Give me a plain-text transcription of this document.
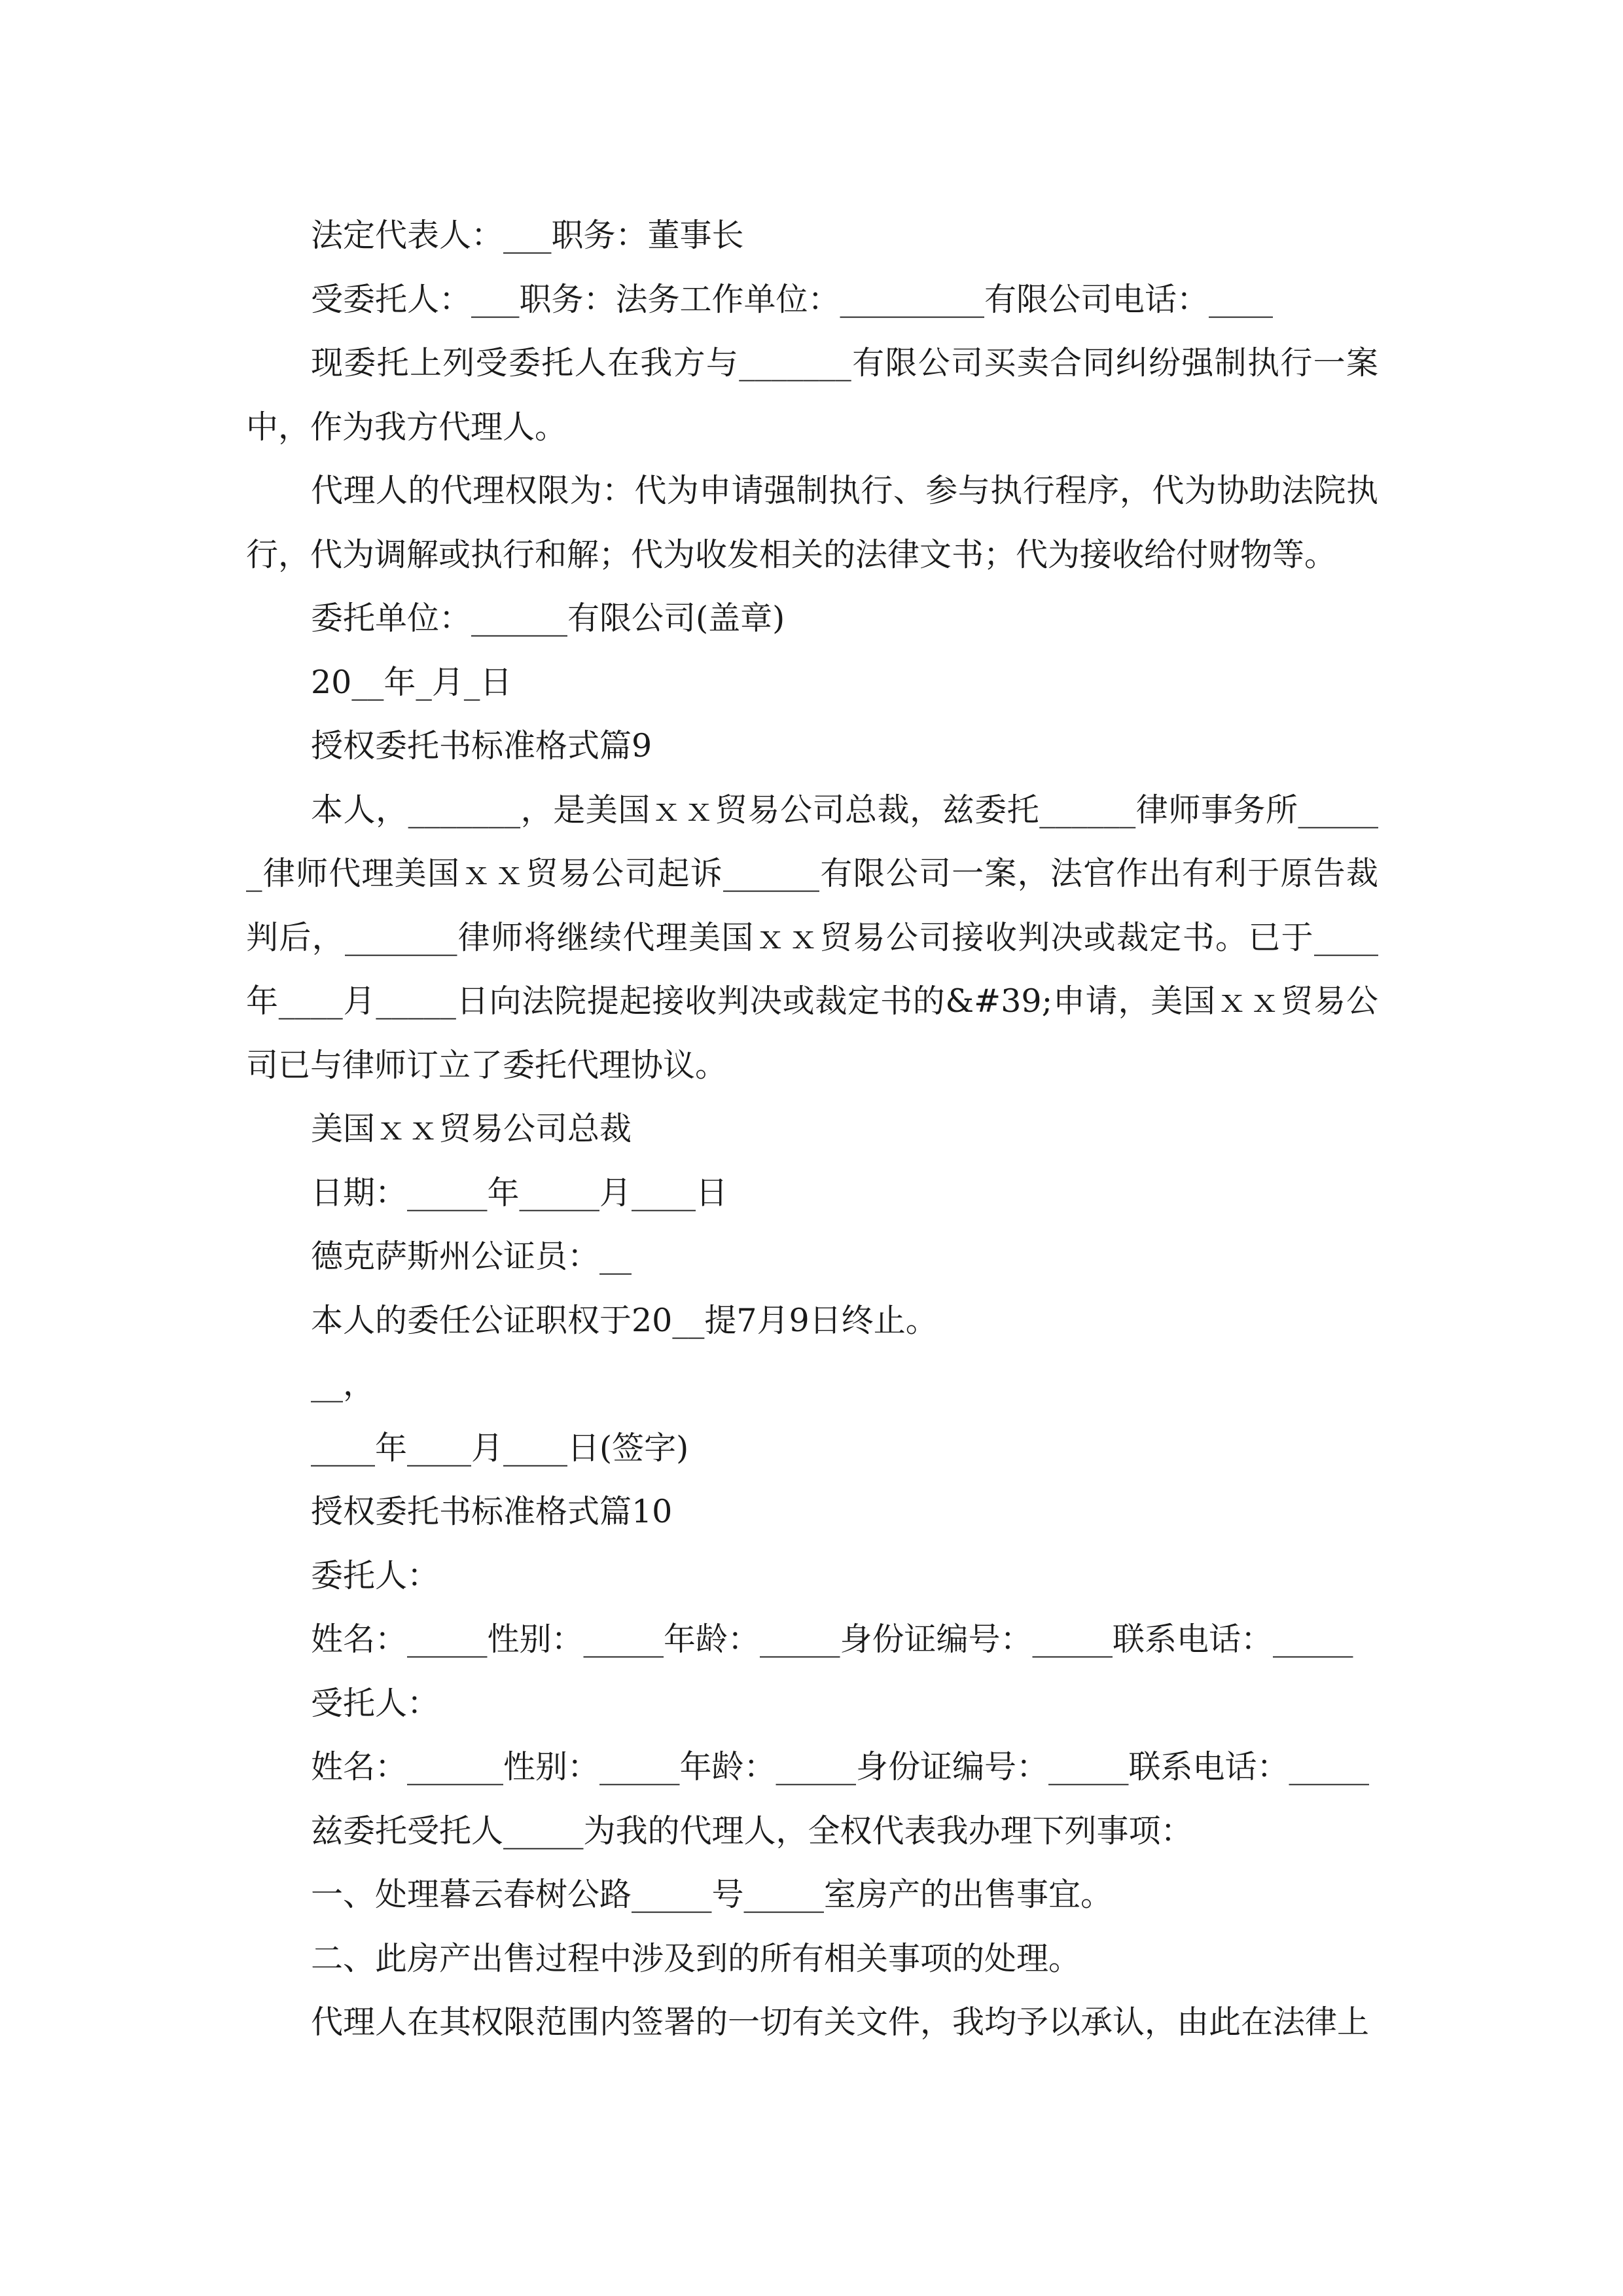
法定代表人：___职务：董事长

受委托人：___职务：法务工作单位：_________有限公司电话：____

现委托上列受委托人在我方与_______有限公司买卖合同纠纷强制执行一案中，作为我方代理人。

代理人的代理权限为：代为申请强制执行、参与执行程序，代为协助法院执行，代为调解或执行和解；代为收发相关的法律文书；代为接收给付财物等。

委托单位：______有限公司(盖章)

20__年_月_日

授权委托书标准格式篇9

本人，_______，是美国ｘｘ贸易公司总裁，兹委托______律师事务所______律师代理美国ｘｘ贸易公司起诉______有限公司一案，法官作出有利于原告裁判后，_______律师将继续代理美国ｘｘ贸易公司接收判决或裁定书。已于____年____月_____日向法院提起接收判决或裁定书的&#39;申请，美国ｘｘ贸易公司已与律师订立了委托代理协议。

美国ｘｘ贸易公司总裁

日期：_____年_____月____日

德克萨斯州公证员：__

本人的委任公证职权于20__提7月9日终止。

__，

____年____月____日(签字)

授权委托书标准格式篇10

委托人：

姓名：_____性别：_____年龄：_____身份证编号：_____联系电话：_____

受托人：

姓名：______性别：_____年龄：_____身份证编号：_____联系电话：_____

兹委托受托人_____为我的代理人，全权代表我办理下列事项：

一、处理暮云春树公路_____号_____室房产的出售事宜。

二、此房产出售过程中涉及到的所有相关事项的处理。

代理人在其权限范围内签署的一切有关文件，我均予以承认，由此在法律上
